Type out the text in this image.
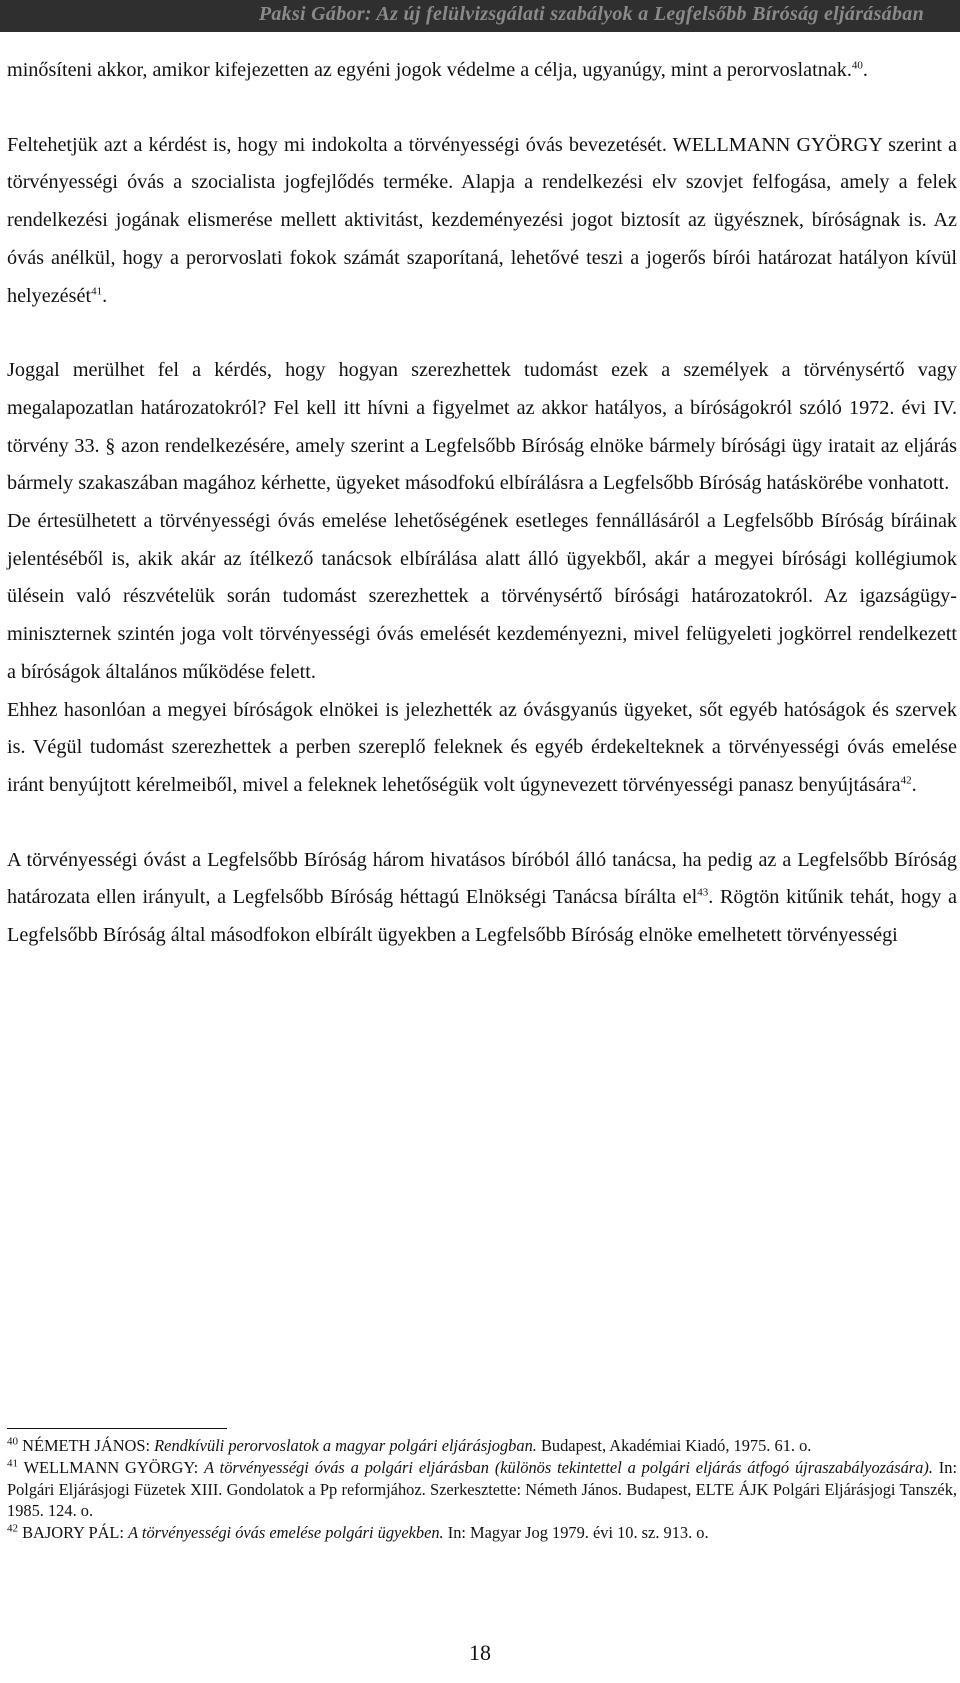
Paksi Gábor: Az új felülvizsgálati szabályok a Legfelsőbb Bíróság eljárásában

minősíteni akkor, amikor kifejezetten az egyéni jogok védelme a célja, ugyanúgy, mint a perorvoslatnak.$^{40}$.

Feltehetjük azt a kérdést is, hogy mi indokolta a törvényességi óvás bevezetését. WELLMANN GYÖRGY szerint a törvényességi óvás a szocialista jogfejlődés terméke. Alapja a rendelkezési elv szovjet felfogása, amely a felek rendelkezési jogának elismerése mellett aktivitást, kezdeményezési jogot biztosít az ügyésznek, bíróságnak is. Az óvás anélkül, hogy a perorvoslati fokok számát szaporítaná, lehetővé teszi a jogerős bírói határozat hatályon kívül helyezését$^{41}$.

Joggal merülhet fel a kérdés, hogy hogyan szerezhettek tudomást ezek a személyek a törvénysértő vagy megalapozatlan határozatokról? Fel kell itt hívni a figyelmet az akkor hatályos, a bíróságokról szóló 1972. évi IV. törvény 33. § azon rendelkezésére, amely szerint a Legfelsőbb Bíróság elnöke bármely bírósági ügy iratait az eljárás bármely szakaszában magához kérhette, ügyeket másodfokú elbírálásra a Legfelsőbb Bíróság hatáskörébe vonhatott.

De értesülhetett a törvényességi óvás emelése lehetőségének esetleges fennállásáról a Legfelsőbb Bíróság bíráinak jelentéséből is, akik akár az ítélkező tanácsok elbírálása alatt álló ügyekből, akár a megyei bírósági kollégiumok ülésein való részvételük során tudomást szerezhettek a törvénysértő bírósági határozatokról. Az igazságügy-miniszternek szintén joga volt törvényességi óvás emelését kezdeményezni, mivel felügyeleti jogkörrel rendelkezett a bíróságok általános működése felett.

Ehhez hasonlóan a megyei bíróságok elnökei is jelezhették az óvásgyanús ügyeket, sőt egyéb hatóságok és szervek is. Végül tudomást szerezhettek a perben szereplő feleknek és egyéb érdekelteknek a törvényességi óvás emelése iránt benyújtott kérelmeiből, mivel a feleknek lehetőségük volt úgynevezett törvényességi panasz benyújtására$^{42}$.

A törvényességi óvást a Legfelsőbb Bíróság három hivatásos bíróból álló tanácsa, ha pedig az a Legfelsőbb Bíróság határozata ellen irányult, a Legfelsőbb Bíróság héttagú Elnökségi Tanácsa bírálta $el^{43}$. Rögtön kitűnik tehát, hogy a Legfelsőbb Bíróság által másodfokon elbírált ügyekben a Legfelsőbb Bíróság elnöke emelhetett törvényességi

$^{40}$ NÉMETH JÁNOS: Rendkívüli perorvoslatok a magyar polgári eljárásjogban. Budapest, Akadémiai Kiadó, 1975. 61. o.

$^{41}$ WELLMANN GYÖRGY: A törvényességi óvás a polgári eljárásban (különös tekintettel a polgári eljárás átfogó újraszabályozására). In: Polgári Eljárásjogi Füzetek XIII. Gondolatok a Pp reformjához. Szerkesztette: Németh János. Budapest, ELTE ÁJK Polgári Eljárásjogi Tanszék, 1985. 124. o.

$^{42}$ BAJORY PÁL: A törvényességi óvás emelése polgári ügyekben. In: Magyar Jog 1979. évi 10. sz. 913. o.

18
